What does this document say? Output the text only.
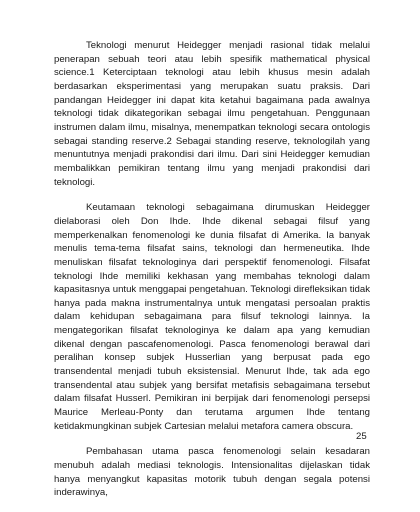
Teknologi menurut Heidegger menjadi rasional tidak melalui penerapan sebuah teori atau lebih spesifik mathematical physical science.1 Keterciptaan teknologi atau lebih khusus mesin adalah berdasarkan eksperimentasi yang merupakan suatu praksis. Dari pandangan Heidegger ini dapat kita ketahui bagaimana pada awalnya teknologi tidak dikategorikan sebagai ilmu pengetahuan. Penggunaan instrumen dalam ilmu, misalnya, menempatkan teknologi secara ontologis sebagai standing reserve.2 Sebagai standing reserve, teknologilah yang menuntutnya menjadi prakondisi dari ilmu. Dari sini Heidegger kemudian membalikkan pemikiran tentang ilmu yang menjadi prakondisi dari teknologi.

Keutamaan teknologi sebagaimana dirumuskan Heidegger dielaborasi oleh Don Ihde. Ihde dikenal sebagai filsuf yang memperkenalkan fenomenologi ke dunia filsafat di Amerika. Ia banyak menulis tema-tema filsafat sains, teknologi dan hermeneutika. Ihde menuliskan filsafat teknologinya dari perspektif fenomenologi. Filsafat teknologi Ihde memiliki kekhasan yang membahas teknologi dalam kapasitasnya untuk menggapai pengetahuan. Teknologi direfleksikan tidak hanya pada makna instrumentalnya untuk mengatasi persoalan praktis dalam kehidupan sebagaimana para filsuf teknologi lainnya. Ia mengategorikan filsafat teknologinya ke dalam apa yang kemudian dikenal dengan pascafenomenologi. Pasca fenomenologi berawal dari peralihan konsep subjek Husserlian yang berpusat pada ego transendental menjadi tubuh eksistensial. Menurut Ihde, tak ada ego transendental atau subjek yang bersifat metafisis sebagaimana tersebut dalam filsafat Husserl. Pemikiran ini berpijak dari fenomenologi persepsi Maurice Merleau-Ponty dan terutama argumen Ihde tentang ketidakmungkinan subjek Cartesian melalui metafora camera obscura.

Pembahasan utama pasca fenomenologi selain kesadaran menubuh adalah mediasi teknologis. Intensionalitas dijelaskan tidak hanya menyangkut kapasitas motorik tubuh dengan segala potensi inderawinya,

25
